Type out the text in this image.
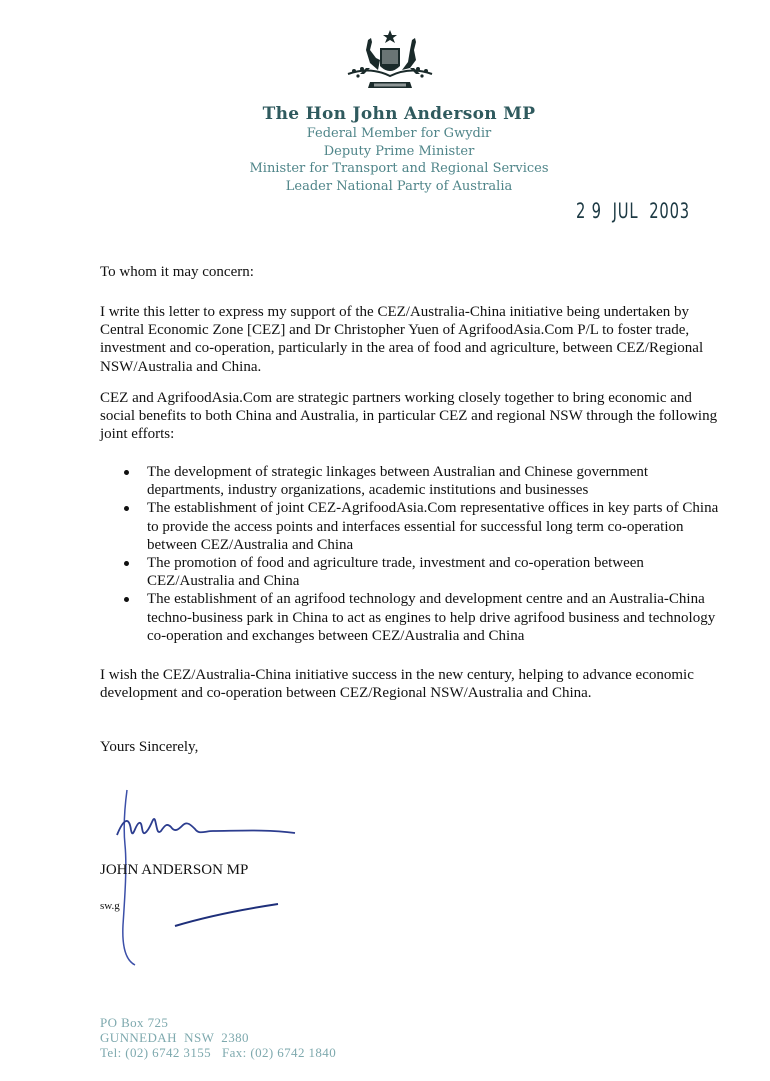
The Hon John Anderson MP
Federal Member for Gwydir
Deputy Prime Minister
Minister for Transport and Regional Services
Leader National Party of Australia
2 9  JUL  2003
To whom it may concern:
I write this letter to express my support of the CEZ/Australia-China initiative being undertaken by Central Economic Zone [CEZ] and Dr Christopher Yuen of AgrifoodAsia.Com P/L to foster trade, investment and co-operation, particularly in the area of food and agriculture, between CEZ/Regional NSW/Australia and China.
CEZ and AgrifoodAsia.Com are strategic partners working closely together to bring economic and social benefits to both China and Australia, in particular CEZ and regional NSW through the following joint efforts:
The development of strategic linkages between Australian and Chinese government departments, industry organizations, academic institutions and businesses
The establishment of joint CEZ-AgrifoodAsia.Com representative offices in key parts of China to provide the access points and interfaces essential for successful long term co-operation between CEZ/Australia and China
The promotion of food and agriculture trade, investment and co-operation between CEZ/Australia and China
The establishment of an agrifood technology and development centre and an Australia-China techno-business park in China to act as engines to help drive agrifood business and technology co-operation and exchanges between CEZ/Australia and China
I wish the CEZ/Australia-China initiative success in the new century, helping to advance economic development and co-operation between CEZ/Regional NSW/Australia and China.
Yours Sincerely,
JOHN ANDERSON MP
sw.g
PO Box 725
GUNNEDAH  NSW  2380
Tel: (02) 6742 3155   Fax: (02) 6742 1840
